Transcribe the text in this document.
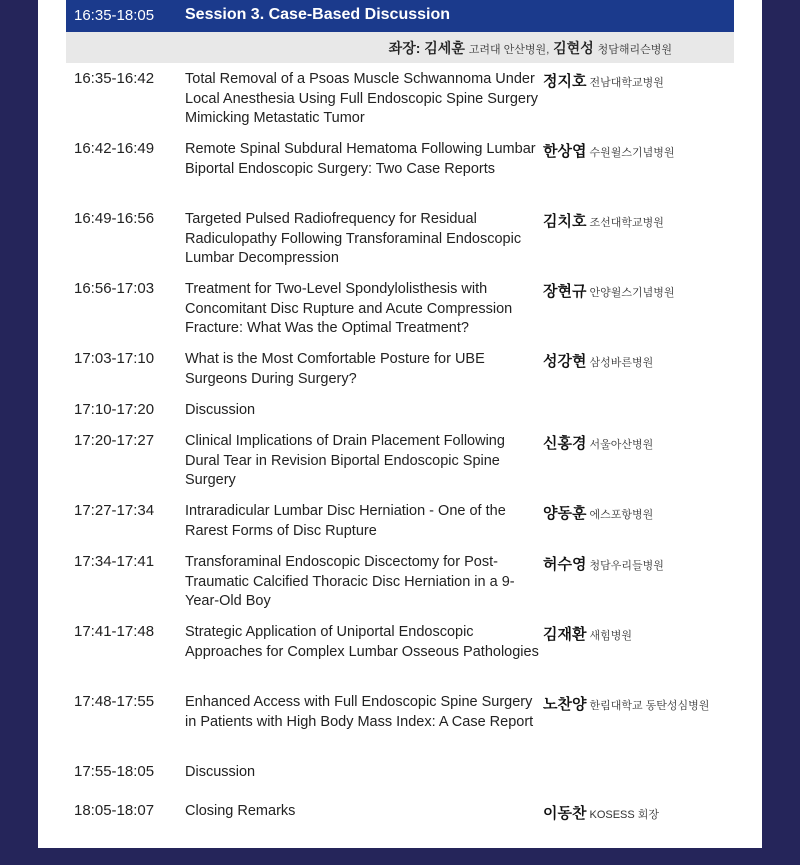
16:35-18:05 Session 3. Case-Based Discussion
좌장: 김세훈 고려대 안산병원, 김현성 청담해리슨병원
16:35-16:42 Total Removal of a Psoas Muscle Schwannoma Under Local Anesthesia Using Full Endoscopic Spine Surgery Mimicking Metastatic Tumor
정지호 전남대학교병원
16:42-16:49 Remote Spinal Subdural Hematoma Following Lumbar Biportal Endoscopic Surgery: Two Case Reports
한상엽 수원윌스기념병원
16:49-16:56 Targeted Pulsed Radiofrequency for Residual Radiculopathy Following Transforaminal Endoscopic Lumbar Decompression
김치호 조선대학교병원
16:56-17:03 Treatment for Two-Level Spondylolisthesis with Concomitant Disc Rupture and Acute Compression Fracture: What Was the Optimal Treatment?
장현규 안양윌스기념병원
17:03-17:10 What is the Most Comfortable Posture for UBE Surgeons During Surgery?
성강현 삼성바른병원
17:10-17:20 Discussion
17:20-17:27 Clinical Implications of Drain Placement Following Dural Tear in Revision Biportal Endoscopic Spine Surgery
신홍경 서울아산병원
17:27-17:34 Intraradicular Lumbar Disc Herniation - One of the Rarest Forms of Disc Rupture
양동훈 에스포항병원
17:34-17:41 Transforaminal Endoscopic Discectomy for Post-Traumatic Calcified Thoracic Disc Herniation in a 9-Year-Old Boy
허수영 청담우리들병원
17:41-17:48 Strategic Application of Uniportal Endoscopic Approaches for Complex Lumbar Osseous Pathologies
김재환 새힘병원
17:48-17:55 Enhanced Access with Full Endoscopic Spine Surgery in Patients with High Body Mass Index: A Case Report
노찬양 한림대학교 동탄성심병원
17:55-18:05 Discussion
18:05-18:07 Closing Remarks	이동찬 KOSESS 회장
